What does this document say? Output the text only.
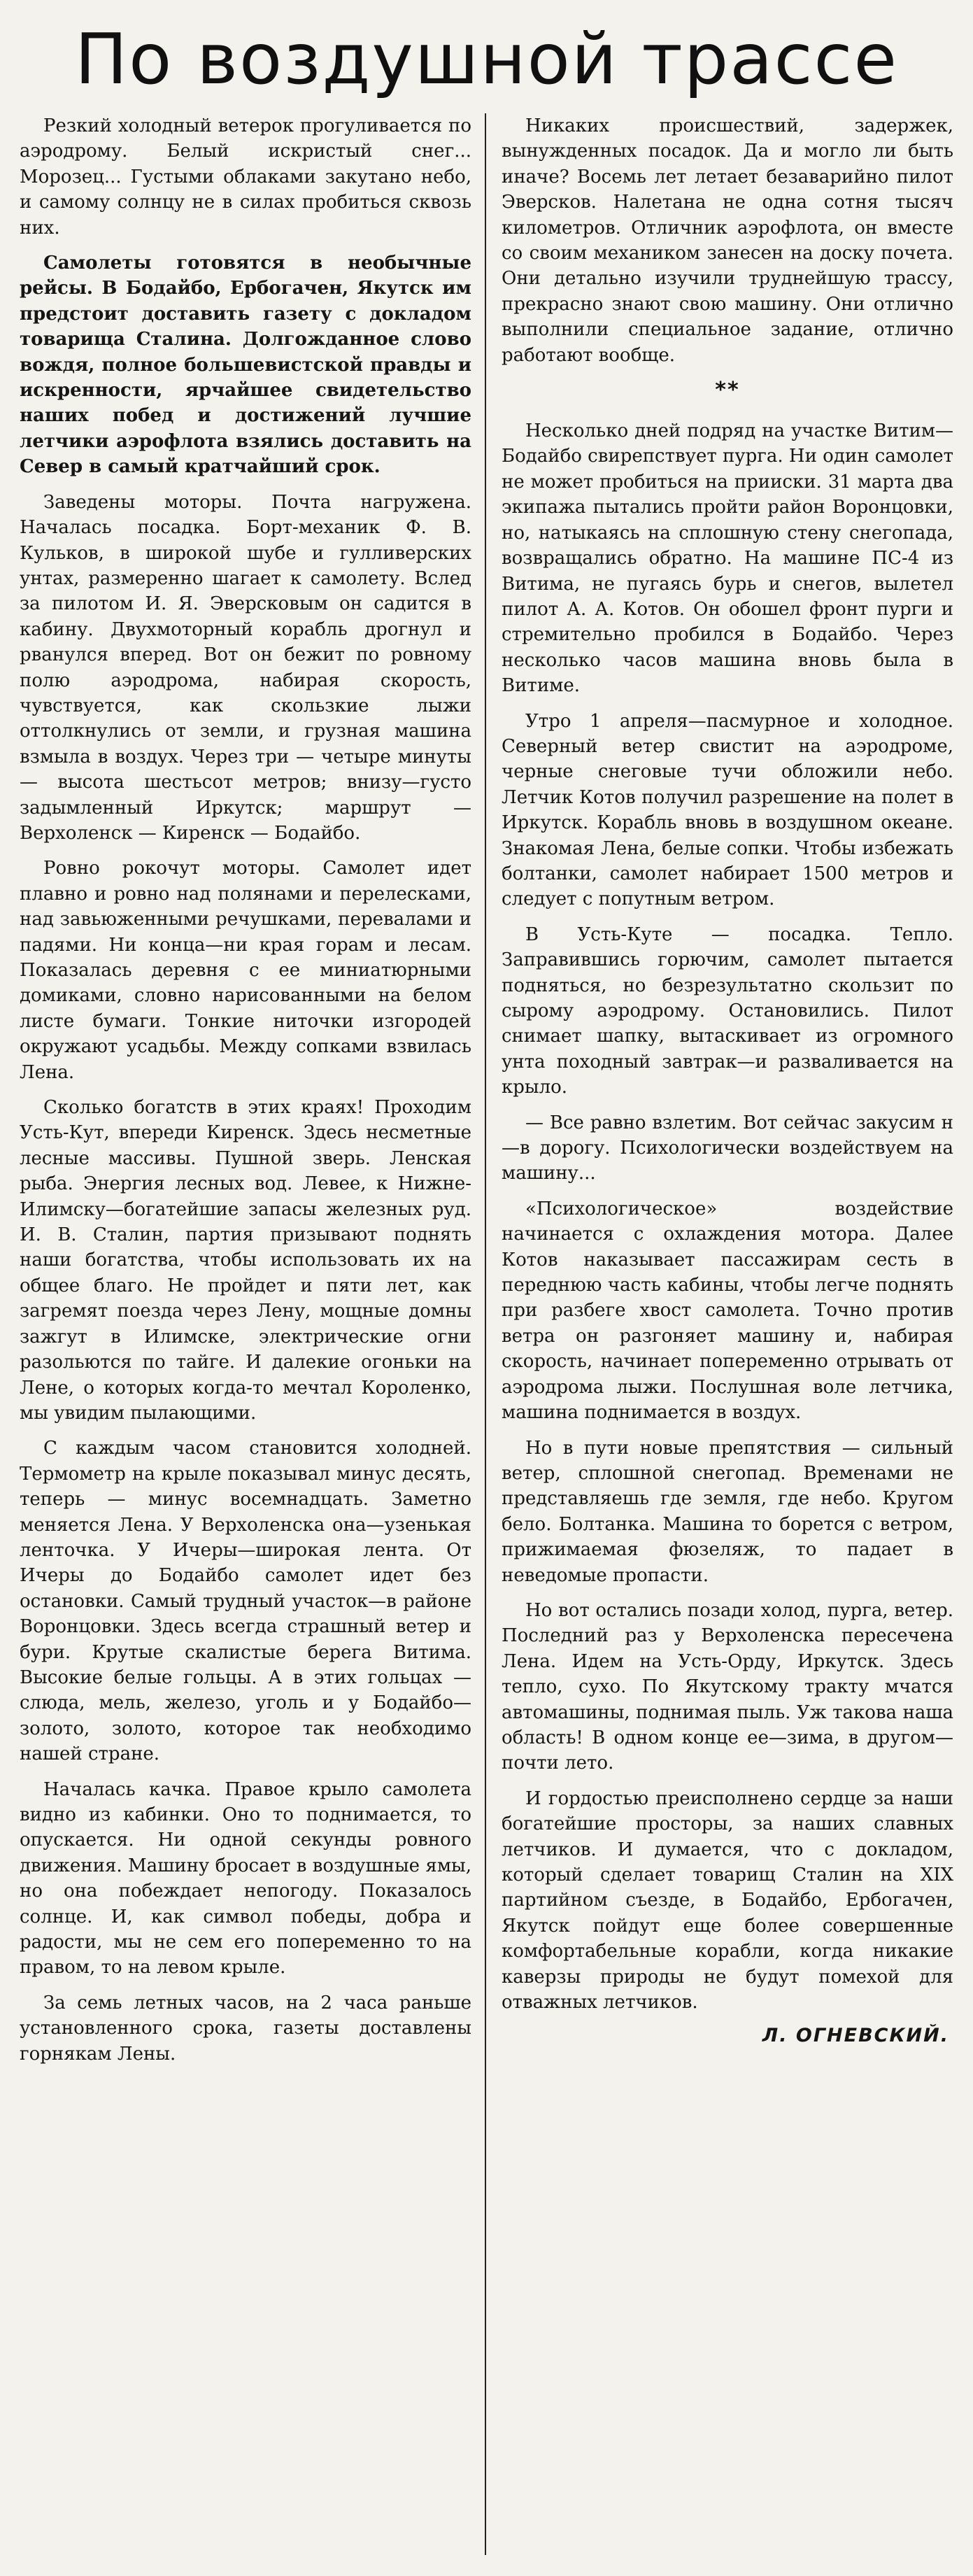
По воздушной трассе

Резкий холодный ветерок прогуливается по аэродрому. Белый искристый снег... Морозец... Густыми облаками закутано небо, и самому солнцу не в силах пробиться сквозь них.

Самолеты готовятся в необычные рейсы. В Бодайбо, Ербогачен, Якутск им предстоит доставить газету с докладом товарища Сталина. Долгожданное слово вождя, полное большевистской правды и искренности, ярчайшее свидетельство наших побед и достижений лучшие летчики аэрофлота взялись доставить на Север в самый кратчайший срок.

Заведены моторы. Почта нагружена. Началась посадка. Борт-механик Ф. В. Кульков, в широкой шубе и гулливерских унтах, размеренно шагает к самолету. Вслед за пилотом И. Я. Эверсковым он садится в кабину. Двухмоторный корабль дрогнул и рванулся вперед. Вот он бежит по ровному полю аэродрома, набирая скорость, чувствуется, как скользкие лыжи оттолкнулись от земли, и грузная машина взмыла в воздух. Через три — четыре минуты — высота шестьсот метров; внизу—густо задымленный Иркутск; маршрут — Верхоленск — Киренск — Бодайбо.

Ровно рокочут моторы. Самолет идет плавно и ровно над полянами и перелесками, над завьюженными речушками, перевалами и падями. Ни конца—ни края горам и лесам. Показалась деревня с ее миниатюрными домиками, словно нарисованными на белом листе бумаги. Тонкие ниточки изгородей окружают усадьбы. Между сопками взвилась Лена.

Сколько богатств в этих краях! Проходим Усть-Кут, впереди Киренск. Здесь несметные лесные массивы. Пушной зверь. Ленская рыба. Энергия лесных вод. Левее, к Нижне-Илимску—богатейшие запасы железных руд. И. В. Сталин, партия призывают поднять наши богатства, чтобы использовать их на общее благо. Не пройдет и пяти лет, как загремят поезда через Лену, мощные домны зажгут в Илимске, электрические огни разольются по тайге. И далекие огоньки на Лене, о которых когда-то мечтал Короленко, мы увидим пылающими.

С каждым часом становится холодней. Термометр на крыле показывал минус десять, теперь — минус восемнадцать. Заметно меняется Лена. У Верхоленска она—узенькая ленточка. У Ичеры—широкая лента. От Ичеры до Бодайбо самолет идет без остановки. Самый трудный участок—в районе Воронцовки. Здесь всегда страшный ветер и бури. Крутые скалистые берега Витима. Высокие белые гольцы. А в этих гольцах — слюда, мель, железо, уголь и у Бодайбо—золото, золото, которое так необходимо нашей стране.

Началась качка. Правое крыло самолета видно из кабинки. Оно то поднимается, то опускается. Ни одной секунды ровного движения. Машину бросает в воздушные ямы, но она побеждает непогоду. Показалось солнце. И, как символ победы, добра и радости, мы не сем его попеременно то на правом, то на левом крыле.

За семь летных часов, на 2 часа раньше установленного срока, газеты доставлены горнякам Лены.

Никаких происшествий, задержек, вынужденных посадок. Да и могло ли быть иначе? Восемь лет летает безаварийно пилот Эверсков. Налетана не одна сотня тысяч километров. Отличник аэрофлота, он вместе со своим механиком занесен на доску почета. Они детально изучили труднейшую трассу, прекрасно знают свою машину. Они отлично выполнили специальное задание, отлично работают вообще.

**

Несколько дней подряд на участке Витим—Бодайбо свирепствует пурга. Ни один самолет не может пробиться на прииски. 31 марта два экипажа пытались пройти район Воронцовки, но, натыкаясь на сплошную стену снегопада, возвращались обратно. На машине ПС-4 из Витима, не пугаясь бурь и снегов, вылетел пилот А. А. Котов. Он обошел фронт пурги и стремительно пробился в Бодайбо. Через несколько часов машина вновь была в Витиме.

Утро 1 апреля—пасмурное и холодное. Северный ветер свистит на аэродроме, черные снеговые тучи обложили небо. Летчик Котов получил разрешение на полет в Иркутск. Корабль вновь в воздушном океане. Знакомая Лена, белые сопки. Чтобы избежать болтанки, самолет набирает 1500 метров и следует с попутным ветром.

В Усть-Куте — посадка. Тепло. Заправившись горючим, самолет пытается подняться, но безрезультатно скользит по сырому аэродрому. Остановились. Пилот снимает шапку, вытаскивает из огромного унта походный завтрак—и разваливается на крыло.

— Все равно взлетим. Вот сейчас закусим н—в дорогу. Психологически воздействуем на машину...

«Психологическое» воздействие начинается с охлаждения мотора. Далее Котов наказывает пассажирам сесть в переднюю часть кабины, чтобы легче поднять при разбеге хвост самолета. Точно против ветра он разгоняет машину и, набирая скорость, начинает попеременно отрывать от аэродрома лыжи. Послушная воле летчика, машина поднимается в воздух.

Но в пути новые препятствия — сильный ветер, сплошной снегопад. Временами не представляешь где земля, где небо. Кругом бело. Болтанка. Машина то борется с ветром, прижимаемая фюзеляж, то падает в неведомые пропасти.

Но вот остались позади холод, пурга, ветер. Последний раз у Верхоленска пересечена Лена. Идем на Усть-Орду, Иркутск. Здесь тепло, сухо. По Якутскому тракту мчатся автомашины, поднимая пыль. Уж такова наша область! В одном конце ее—зима, в другом—почти лето.

И гордостью преисполнено сердце за наши богатейшие просторы, за наших славных летчиков. И думается, что с докладом, который сделает товарищ Сталин на XIX партийном съезде, в Бодайбо, Ербогачен, Якутск пойдут еще более совершенные комфортабельные корабли, когда никакие каверзы природы не будут помехой для отважных летчиков.

Л. ОГНЕВСКИЙ.
